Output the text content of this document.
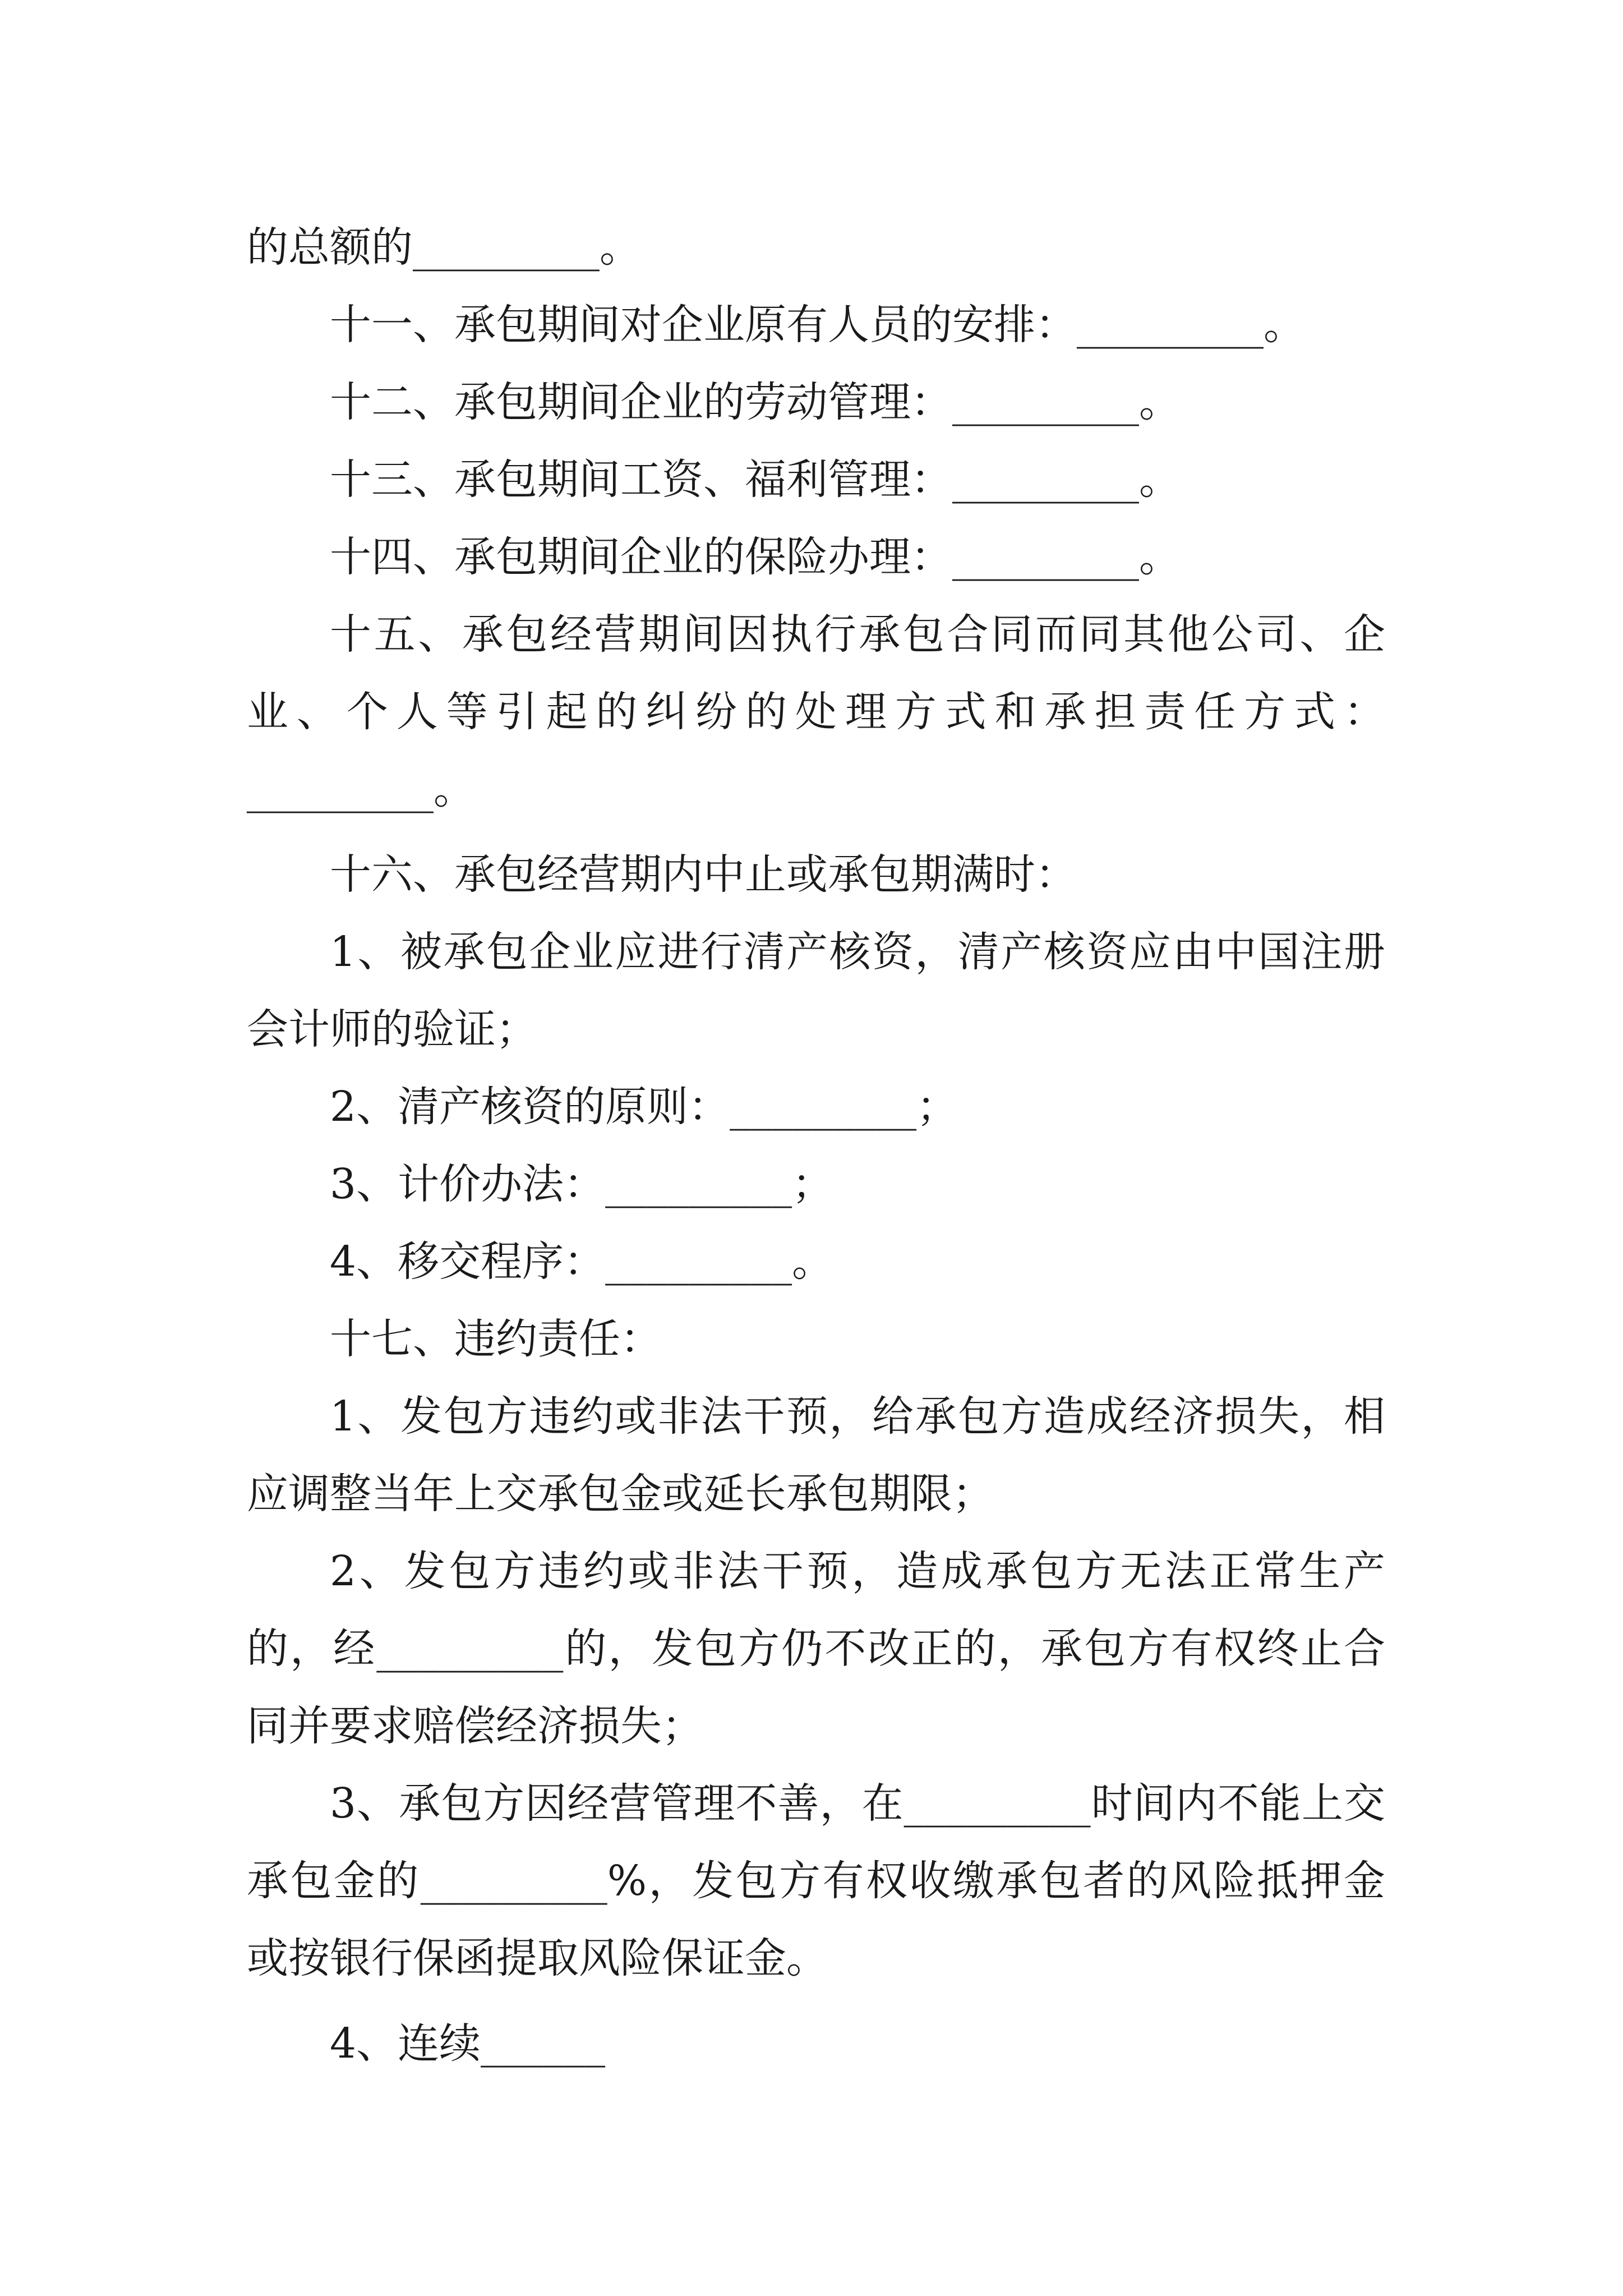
的总额的_________。

十一、承包期间对企业原有人员的安排：_________。

十二、承包期间企业的劳动管理：_________。

十三、承包期间工资、福利管理：_________。

十四、承包期间企业的保险办理：_________。

十五、承包经营期间因执行承包合同而同其他公司、企业、个人等引起的纠纷的处理方式和承担责任方式：_________。

十六、承包经营期内中止或承包期满时：

1、被承包企业应进行清产核资，清产核资应由中国注册会计师的验证；

2、清产核资的原则：_________；

3、计价办法：_________；

4、移交程序：_________。

十七、违约责任：

1、发包方违约或非法干预，给承包方造成经济损失，相应调整当年上交承包金或延长承包期限；

2、发包方违约或非法干预，造成承包方无法正常生产的，经_________的，发包方仍不改正的，承包方有权终止合同并要求赔偿经济损失；

3、承包方因经营管理不善，在_________时间内不能上交承包金的_________%，发包方有权收缴承包者的风险抵押金或按银行保函提取风险保证金。

4、连续______
